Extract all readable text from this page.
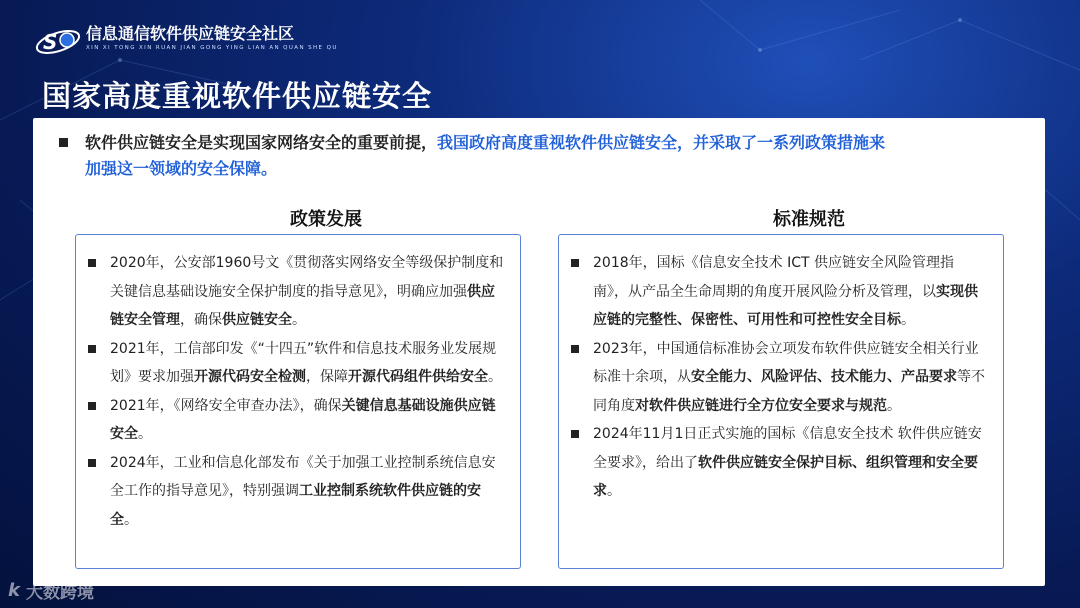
S 信息通信软件供应链安全社区
XIN XI TONG XIN RUAN JIAN GONG YING LIAN AN QUAN SHE QU
国家高度重视软件供应链安全
软件供应链安全是实现国家网络安全的重要前提，我国政府高度重视软件供应链安全，并采取了一系列政策措施来
加强这一领域的安全保障。
政策发展
2020年，公安部1960号文《贯彻落实网络安全等级保护制度和关键信息基础设施安全保护制度的指导意见》，明确应加强供应链安全管理，确保供应链安全。
2021年，工信部印发《“十四五”软件和信息技术服务业发展规划》要求加强开源代码安全检测，保障开源代码组件供给安全。
2021年，《网络安全审查办法》，确保关键信息基础设施供应链安全。
2024年，工业和信息化部发布《关于加强工业控制系统信息安全工作的指导意见》，特别强调工业控制系统软件供应链的安全。
标准规范
2018年，国标《信息安全技术 ICT 供应链安全风险管理指南》，从产品全生命周期的角度开展风险分析及管理，以实现供应链的完整性、保密性、可用性和可控性安全目标。
2023年，中国通信标准协会立项发布软件供应链安全相关行业标准十余项，从安全能力、风险评估、技术能力、产品要求等不同角度对软件供应链进行全方位安全要求与规范。
2024年11月1日正式实施的国标《信息安全技术 软件供应链安全要求》，给出了软件供应链安全保护目标、组织管理和安全要求。
k 大数跨境
